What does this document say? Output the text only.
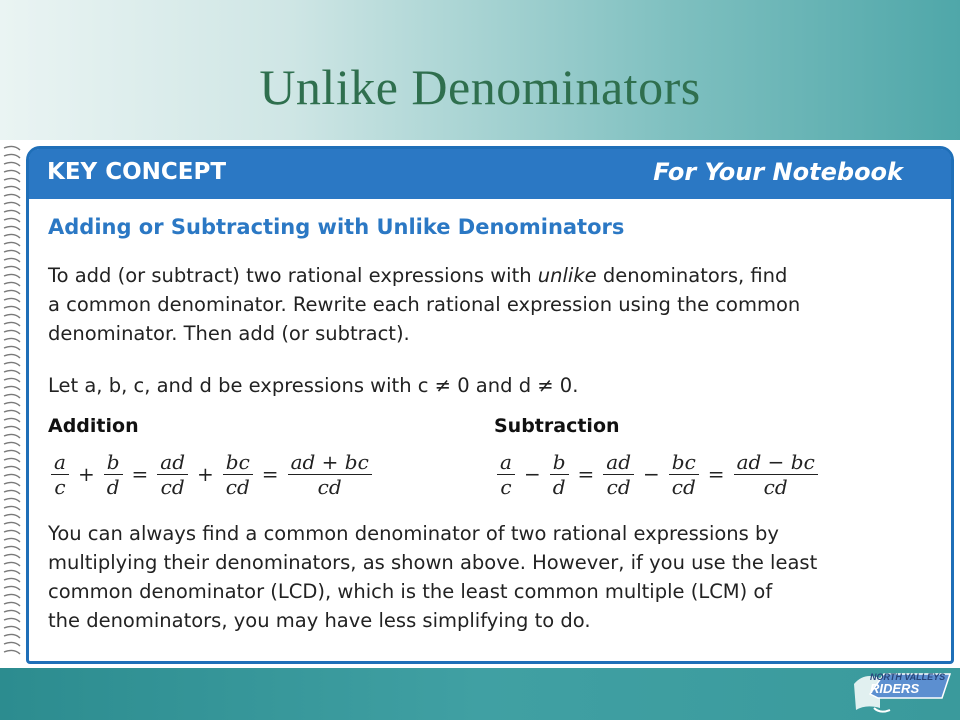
Unlike Denominators
KEY CONCEPT	For Your Notebook
Adding or Subtracting with Unlike Denominators
To add (or subtract) two rational expressions with unlike denominators, find
a common denominator. Rewrite each rational expression using the common
denominator. Then add (or subtract).
Let a, b, c, and d be expressions with c ≠ 0 and d ≠ 0.
Addition	Subtraction
$\frac{a}{c} + \frac{b}{d} = \frac{ad}{cd} + \frac{bc}{cd} = \frac{ad + bc}{cd}$	$\frac{a}{c} - \frac{b}{d} = \frac{ad}{cd} - \frac{bc}{cd} = \frac{ad - bc}{cd}$
You can always find a common denominator of two rational expressions by
multiplying their denominators, as shown above. However, if you use the least
common denominator (LCD), which is the least common multiple (LCM) of
the denominators, you may have less simplifying to do.
NORTH VALLEYS
RIDERS
